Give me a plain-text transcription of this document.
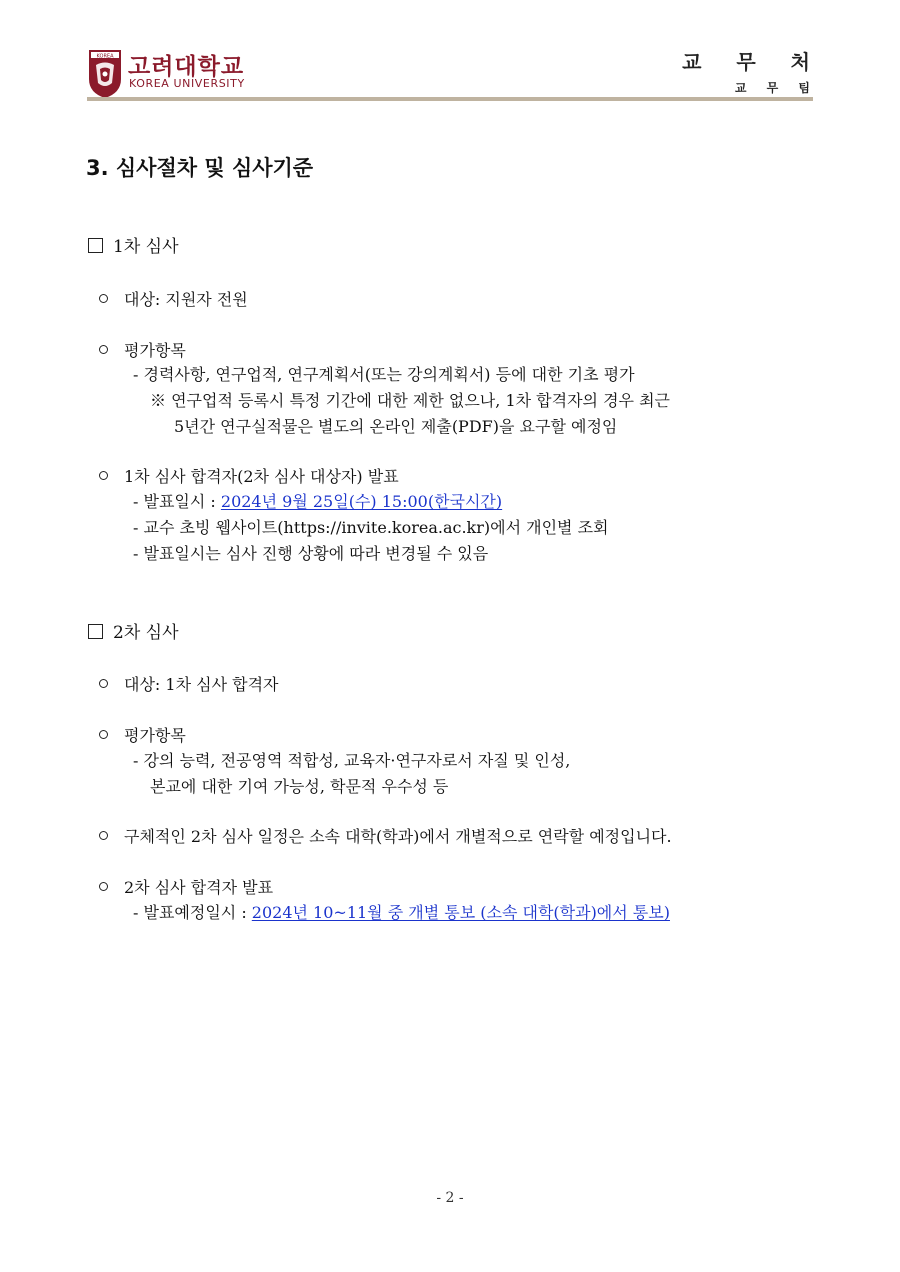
KOREA 고려대학교
KOREA UNIVERSITY
교 무 처
교 무 팀
3. 심사절차 및 심사기준
1차 심사
대상: 지원자 전원
평가항목
- 경력사항, 연구업적, 연구계획서(또는 강의계획서) 등에 대한 기초 평가
※ 연구업적 등록시 특정 기간에 대한 제한 없으나, 1차 합격자의 경우 최근
5년간 연구실적물은 별도의 온라인 제출(PDF)을 요구할 예정임
1차 심사 합격자(2차 심사 대상자) 발표
- 발표일시 : 2024년 9월 25일(수) 15:00(한국시간)
- 교수 초빙 웹사이트(https://invite.korea.ac.kr)에서 개인별 조회
- 발표일시는 심사 진행 상황에 따라 변경될 수 있음
2차 심사
대상: 1차 심사 합격자
평가항목
- 강의 능력, 전공영역 적합성, 교육자·연구자로서 자질 및 인성,
본교에 대한 기여 가능성, 학문적 우수성 등
구체적인 2차 심사 일정은 소속 대학(학과)에서 개별적으로 연락할 예정입니다.
2차 심사 합격자 발표
- 발표예정일시 : 2024년 10~11월 중 개별 통보 (소속 대학(학과)에서 통보)
- 2 -
